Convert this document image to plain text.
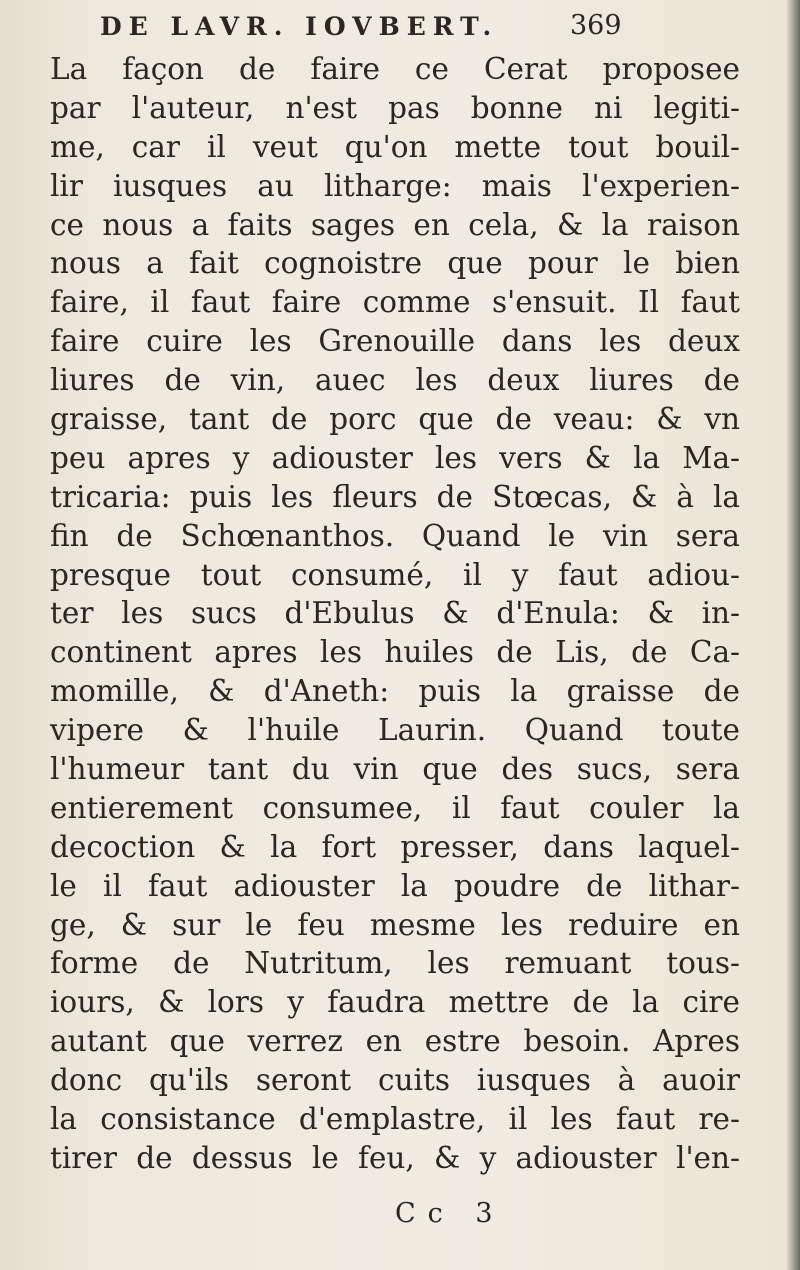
DE LAVR. IOVBERT.	369
La façon de faire ce Cerat proposee
par l'auteur, n'est pas bonne ni legiti-
me, car il veut qu'on mette tout bouil-
lir iusques au litharge: mais l'experien-
ce nous a faits sages en cela, & la raison
nous a fait cognoistre que pour le bien
faire, il faut faire comme s'ensuit. Il faut
faire cuire les Grenouille dans les deux
liures de vin, auec les deux liures de
graisse, tant de porc que de veau: & vn
peu apres y adiouster les vers & la Ma-
tricaria: puis les fleurs de Stœcas, & à la
fin de Schœnanthos. Quand le vin sera
presque tout consumé, il y faut adiou-
ter les sucs d'Ebulus & d'Enula: & in-
continent apres les huiles de Lis, de Ca-
momille, & d'Aneth: puis la graisse de
vipere & l'huile Laurin. Quand toute
l'humeur tant du vin que des sucs, sera
entierement consumee, il faut couler la
decoction & la fort presser, dans laquel-
le il faut adiouster la poudre de lithar-
ge, & sur le feu mesme les reduire en
forme de Nutritum, les remuant tous-
iours, & lors y faudra mettre de la cire
autant que verrez en estre besoin. Apres
donc qu'ils seront cuits iusques à auoir
la consistance d'emplastre, il les faut re-
tirer de dessus le feu, & y adiouster l'en-
Cc 3
